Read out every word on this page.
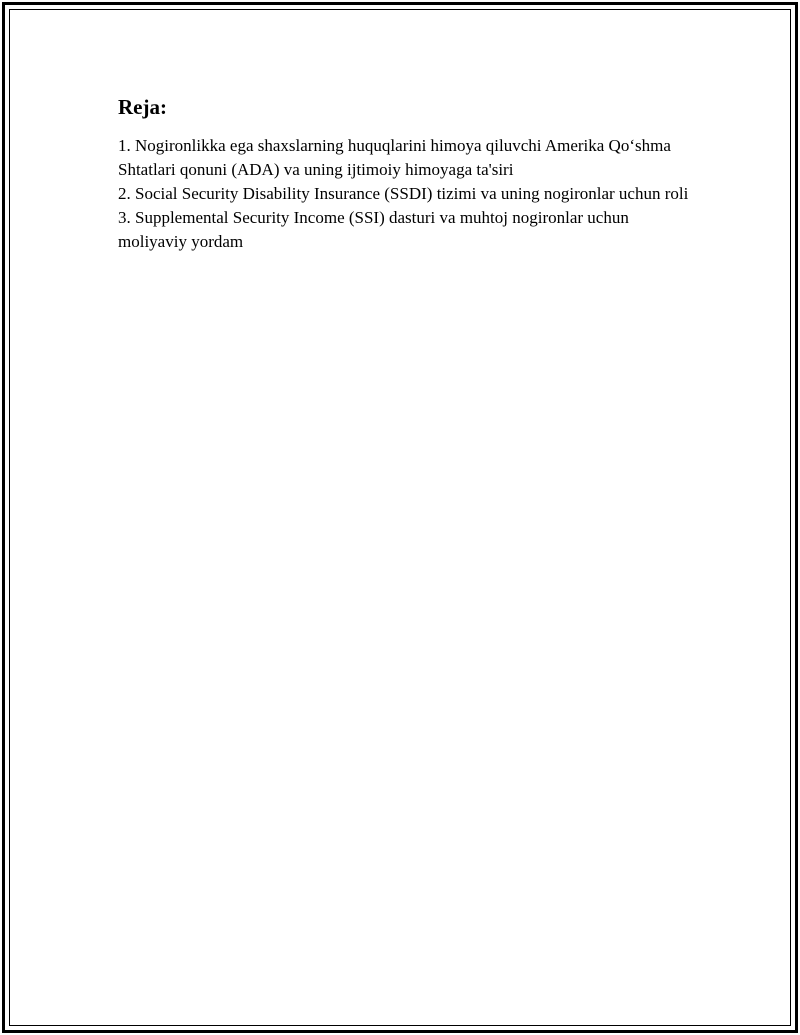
Reja:
1. Nogironlikka ega shaxslarning huquqlarini himoya qiluvchi Amerika Qo‘shma Shtatlari qonuni (ADA) va uning ijtimoiy himoyaga ta'siri
2. Social Security Disability Insurance (SSDI) tizimi va uning nogironlar uchun roli
3. Supplemental Security Income (SSI) dasturi va muhtoj nogironlar uchun moliyaviy yordam
